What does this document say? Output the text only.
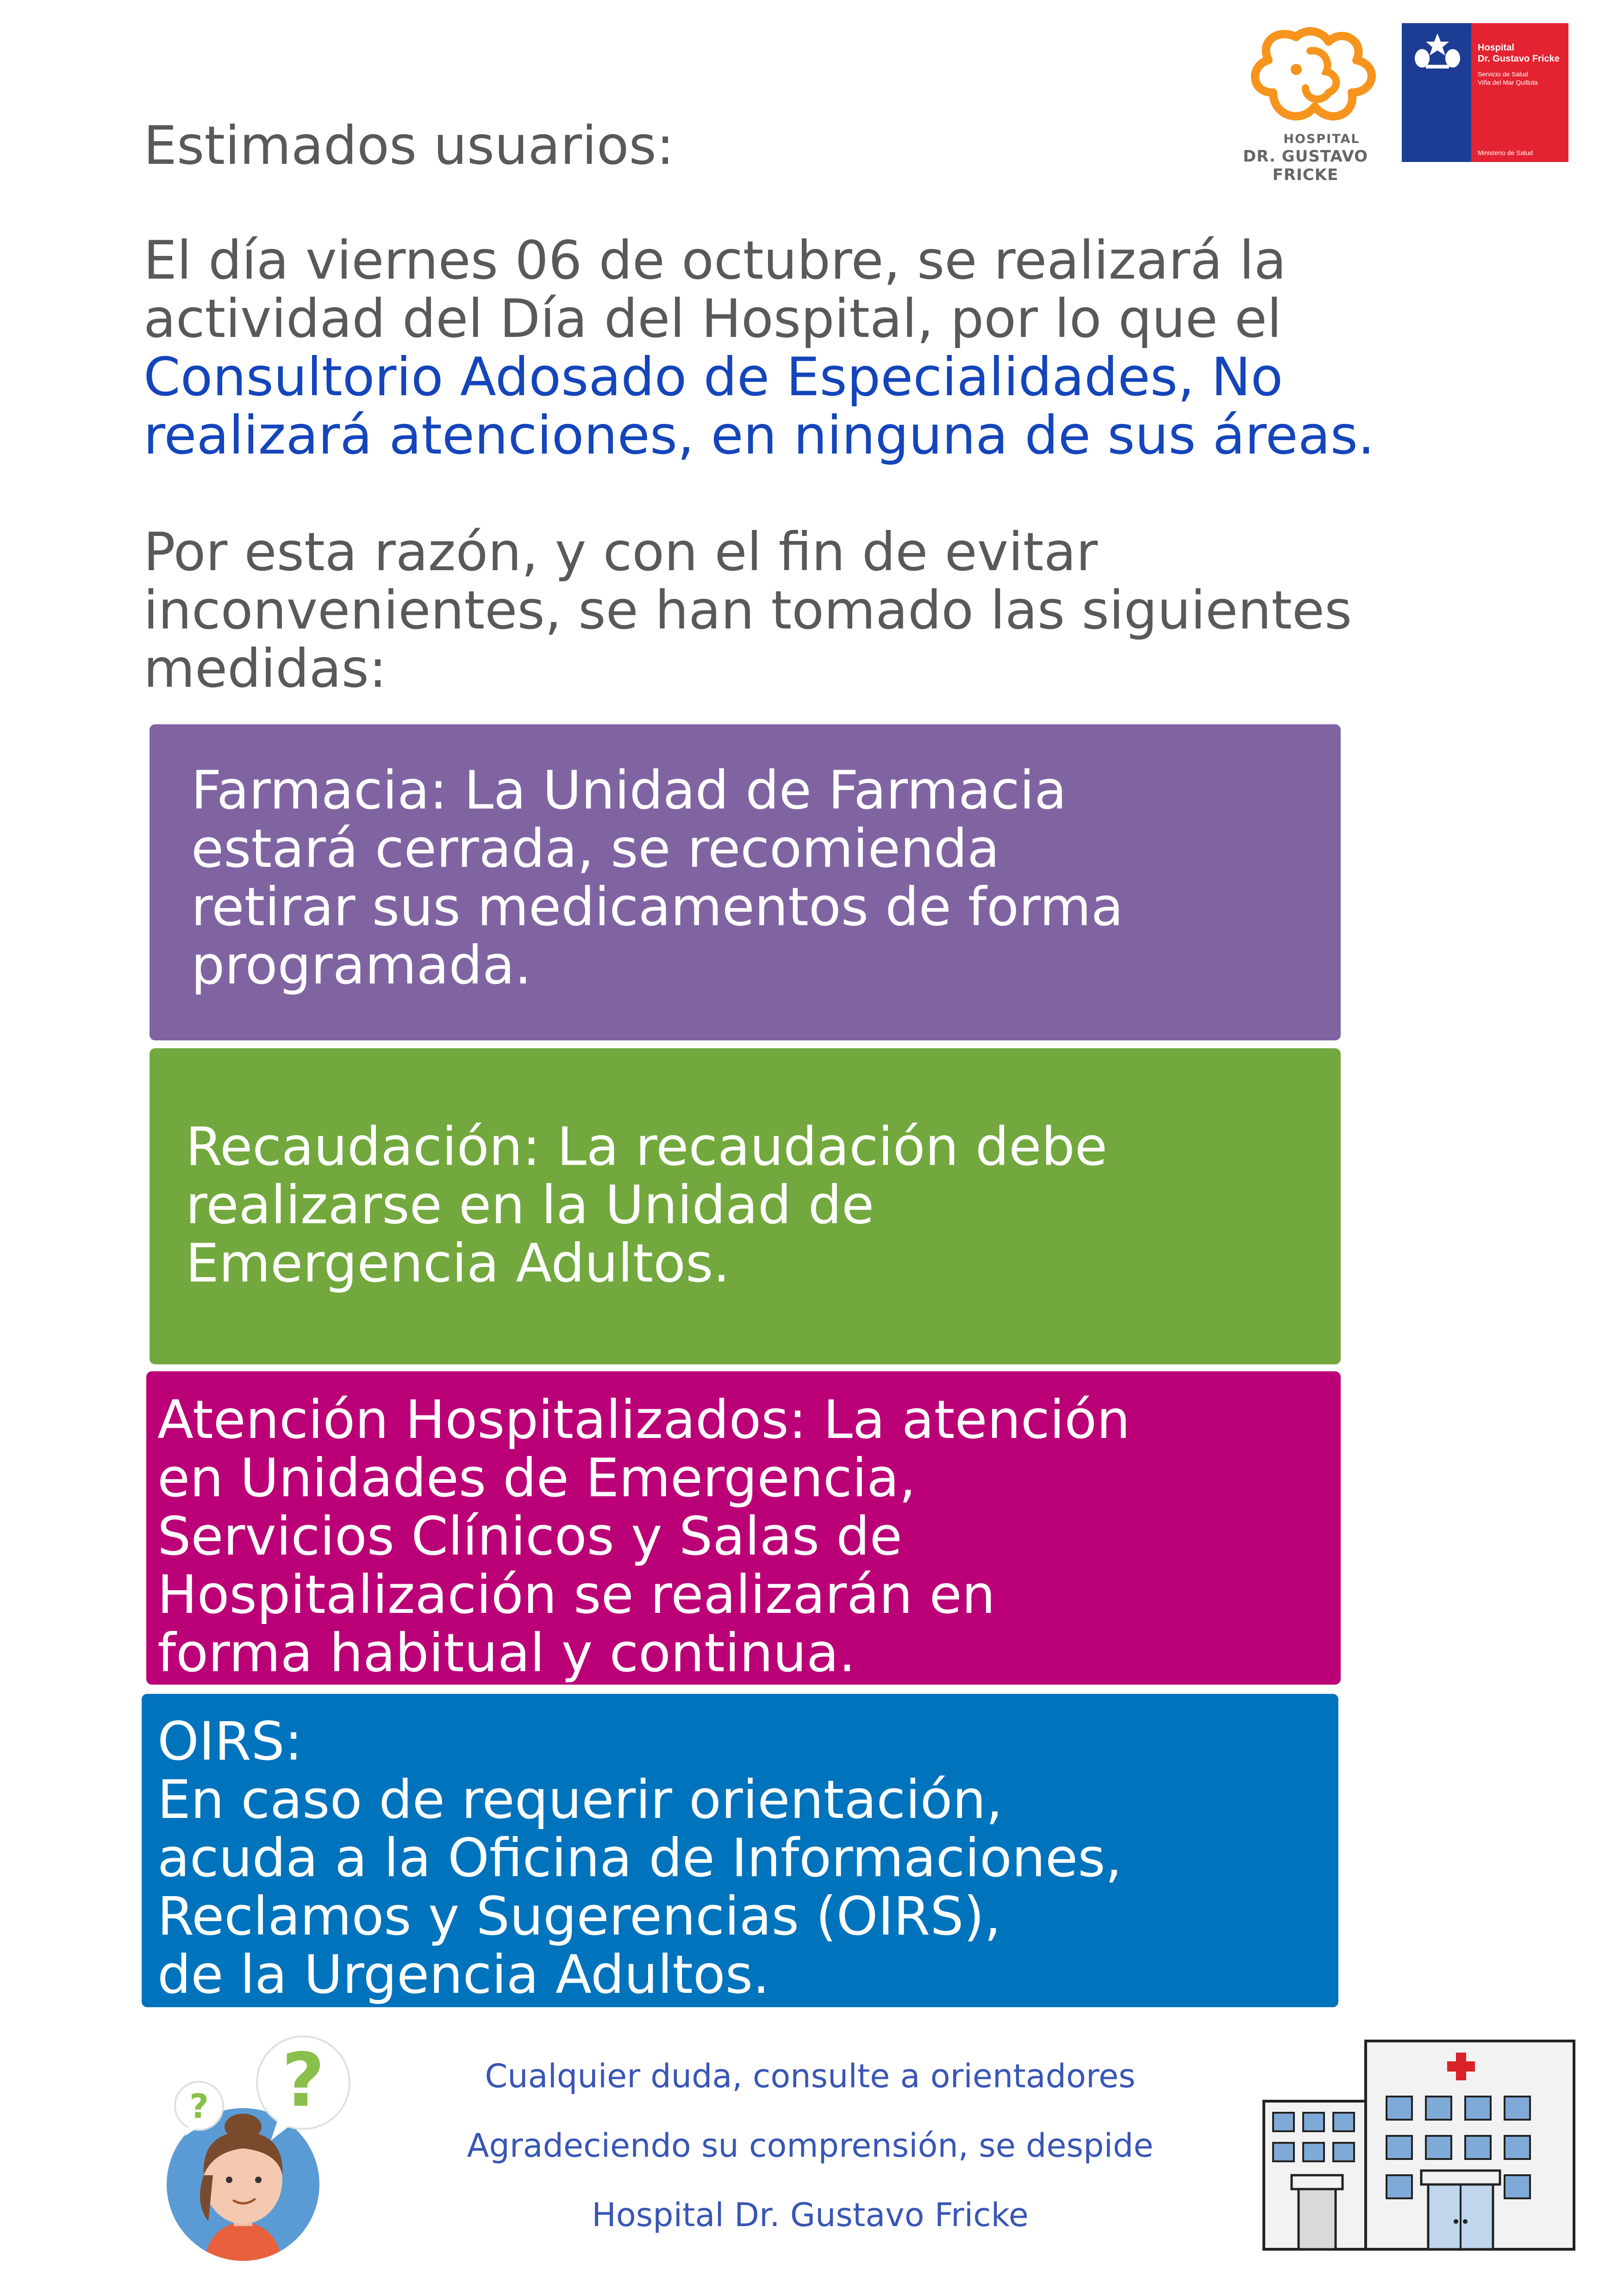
HOSPITAL
DR. GUSTAVO FRICKE
Hospital
Dr. Gustavo Fricke
Servicio de Salud
Viña del Mar Quillota
Ministerio de Salud
Estimados usuarios:
El día viernes 06 de octubre, se realizará la
actividad del Día del Hospital, por lo que el
Consultorio Adosado de Especialidades, No
realizará atenciones, en ninguna de sus áreas.
Por esta razón, y con el fin de evitar
inconvenientes, se han tomado las siguientes
medidas:
Farmacia: La Unidad de Farmacia
estará cerrada, se recomienda
retirar sus medicamentos de forma
programada.
Recaudación: La recaudación debe
realizarse en la Unidad de
Emergencia Adultos.
Atención Hospitalizados: La atención
en Unidades de Emergencia,
Servicios Clínicos y Salas de
Hospitalización se realizarán en
forma habitual y continua.
OIRS:
En caso de requerir orientación,
acuda a la Oficina de Informaciones,
Reclamos y Sugerencias (OIRS),
de la Urgencia Adultos.
Cualquier duda, consulte a orientadores
Agradeciendo su comprensión, se despide
Hospital Dr. Gustavo Fricke
? ?
